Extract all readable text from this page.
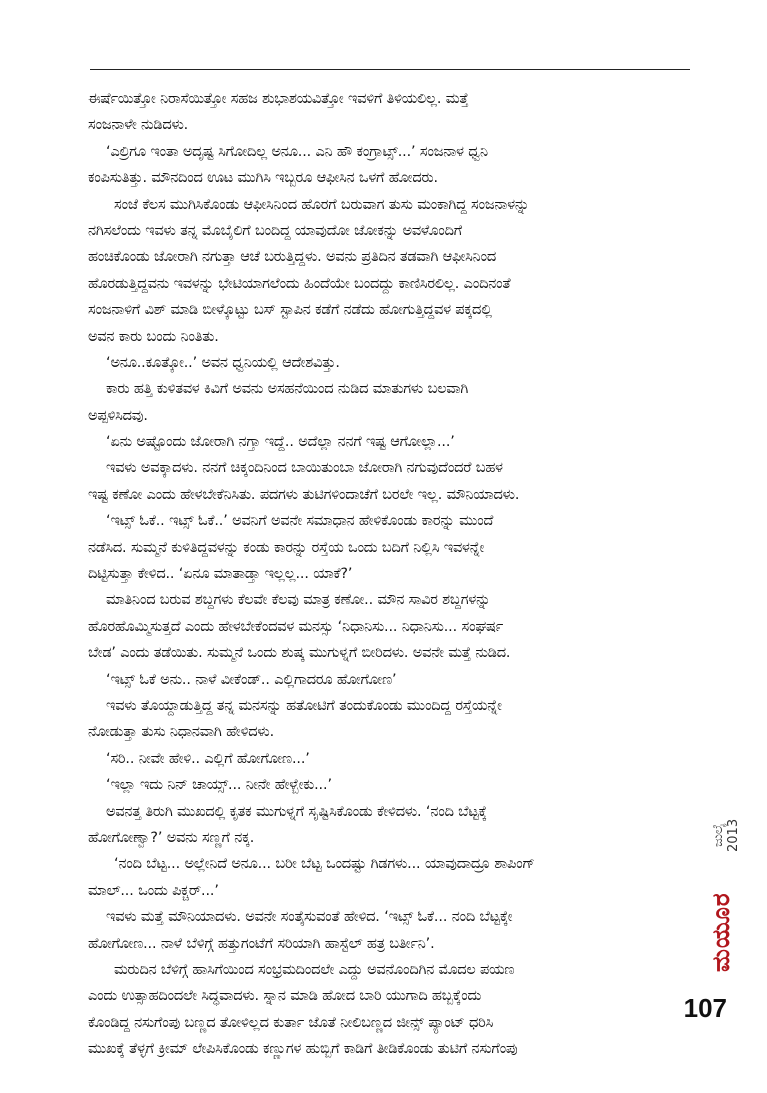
ಈರ್ಷೆಯಿತ್ತೋ ನಿರಾಸೆಯಿತ್ತೋ ಸಹಜ ಶುಭಾಶಯವಿತ್ತೋ ಇವಳಿಗೆ ತಿಳಿಯಲಿಲ್ಲ. ಮತ್ತೆ
ಸಂಜನಾಳೇ ನುಡಿದಳು.
‘ಎಲ್ರಿಗೂ ಇಂತಾ ಅದೃಷ್ಟ ಸಿಗೋದಿಲ್ಲ ಅನೂ... ಎನಿ ಹೌ ಕಂಗ್ರಾಟ್ಸ್...’ ಸಂಜನಾಳ ಧ್ವನಿ
ಕಂಪಿಸುತಿತ್ತು. ಮೌನದಿಂದ ಊಟ ಮುಗಿಸಿ ಇಬ್ಬರೂ ಆಫೀಸಿನ ಒಳಗೆ ಹೋದರು.
ಸಂಜೆ ಕೆಲಸ ಮುಗಿಸಿಕೊಂಡು ಆಫೀಸಿನಿಂದ ಹೊರಗೆ ಬರುವಾಗ ತುಸು ಮಂಕಾಗಿದ್ದ ಸಂಜನಾಳನ್ನು
ನಗಿಸಲೆಂದು ಇವಳು ತನ್ನ ಮೊಬೈಲಿಗೆ ಬಂದಿದ್ದ ಯಾವುದೋ ಜೋಕನ್ನು ಅವಳೊಂದಿಗೆ
ಹಂಚಿಕೊಂಡು ಜೋರಾಗಿ ನಗುತ್ತಾ ಆಚೆ ಬರುತ್ತಿದ್ದಳು. ಅವನು ಪ್ರತಿದಿನ ತಡವಾಗಿ ಆಫೀಸಿನಿಂದ
ಹೊರಡುತ್ತಿದ್ದವನು ಇವಳನ್ನು ಭೇಟಿಯಾಗಲೆಂದು ಹಿಂದೆಯೇ ಬಂದದ್ದು ಕಾಣಿಸಿರಲಿಲ್ಲ. ಎಂದಿನಂತೆ
ಸಂಜನಾಳಿಗೆ ವಿಶ್ ಮಾಡಿ ಬೀಳ್ಕೊಟ್ಟು ಬಸ್ ಸ್ಟಾಪಿನ ಕಡೆಗೆ ನಡೆದು ಹೋಗುತ್ತಿದ್ದವಳ ಪಕ್ಕದಲ್ಲಿ
ಅವನ ಕಾರು ಬಂದು ನಿಂತಿತು.
‘ಅನೂ..ಕೂತ್ಕೋ..’ ಅವನ ಧ್ವನಿಯಲ್ಲಿ ಆದೇಶವಿತ್ತು.
ಕಾರು ಹತ್ತಿ ಕುಳಿತವಳ ಕಿವಿಗೆ ಅವನು ಅಸಹನೆಯಿಂದ ನುಡಿದ ಮಾತುಗಳು ಬಲವಾಗಿ
ಅಪ್ಪಳಿಸಿದವು.
‘ಏನು ಅಷ್ಟೊಂದು ಜೋರಾಗಿ ನಗ್ತಾ ಇದ್ದೆ.. ಅದೆಲ್ಲಾ ನನಗೆ ಇಷ್ಟ ಆಗೋಲ್ಲಾ...’
ಇವಳು ಅವಕ್ಕಾದಳು. ನನಗೆ ಚಿಕ್ಕಂದಿನಿಂದ ಬಾಯಿತುಂಬಾ ಜೋರಾಗಿ ನಗುವುದೆಂದರೆ ಬಹಳ
ಇಷ್ಟ ಕಣೋ ಎಂದು ಹೇಳಬೇಕೆನಿಸಿತು. ಪದಗಳು ತುಟಿಗಳಿಂದಾಚೆಗೆ ಬರಲೇ ಇಲ್ಲ. ಮೌನಿಯಾದಳು.
‘ಇಟ್ಸ್ ಓಕೆ.. ಇಟ್ಸ್ ಓಕೆ..’ ಅವನಿಗೆ ಅವನೇ ಸಮಾಧಾನ ಹೇಳಿಕೊಂಡು ಕಾರನ್ನು ಮುಂದೆ
ನಡೆಸಿದ. ಸುಮ್ಮನೆ ಕುಳಿತಿದ್ದವಳನ್ನು ಕಂಡು ಕಾರನ್ನು ರಸ್ತೆಯ ಒಂದು ಬದಿಗೆ ನಿಲ್ಲಿಸಿ ಇವಳನ್ನೇ
ದಿಟ್ಟಿಸುತ್ತಾ ಕೇಳಿದ.. ‘ಏನೂ ಮಾತಾಡ್ತಾ ಇಲ್ಲಲ್ಲ... ಯಾಕೆ?’
ಮಾತಿನಿಂದ ಬರುವ ಶಬ್ದಗಳು ಕೆಲವೇ ಕೆಲವು ಮಾತ್ರ ಕಣೋ.. ಮೌನ ಸಾವಿರ ಶಬ್ದಗಳನ್ನು
ಹೊರಹೊಮ್ಮಿಸುತ್ತದೆ ಎಂದು ಹೇಳಬೇಕೆಂದವಳ ಮನಸ್ಸು ‘ನಿಧಾನಿಸು... ನಿಧಾನಿಸು... ಸಂಘರ್ಷ
ಬೇಡ’ ಎಂದು ತಡೆಯಿತು. ಸುಮ್ಮನೆ ಒಂದು ಶುಷ್ಕ ಮುಗುಳ್ನಗೆ ಬೀರಿದಳು. ಅವನೇ ಮತ್ತೆ ನುಡಿದ.
‘ಇಟ್ಸ್ ಓಕೆ ಅನು.. ನಾಳೆ ವೀಕೆಂಡ್.. ಎಲ್ಲಿಗಾದರೂ ಹೋಗೋಣ’
ಇವಳು ತೊಯ್ದಾಡುತ್ತಿದ್ದ ತನ್ನ ಮನಸನ್ನು ಹತೋಟಿಗೆ ತಂದುಕೊಂಡು ಮುಂದಿದ್ದ ರಸ್ತೆಯನ್ನೇ
ನೋಡುತ್ತಾ ತುಸು ನಿಧಾನವಾಗಿ ಹೇಳಿದಳು.
‘ಸರಿ.. ನೀವೇ ಹೇಳಿ.. ಎಲ್ಲಿಗೆ ಹೋಗೋಣ...’
‘ಇಲ್ಲಾ ಇದು ನಿನ್ ಚಾಯ್ಸ್... ನೀನೇ ಹೇಳ್ಬೇಕು...’
ಅವನತ್ತ ತಿರುಗಿ ಮುಖದಲ್ಲಿ ಕೃತಕ ಮುಗುಳ್ನಗೆ ಸೃಷ್ಟಿಸಿಕೊಂಡು ಕೇಳಿದಳು. ‘ನಂದಿ ಬೆಟ್ಟಕ್ಕೆ
ಹೋಗೋಣ್ವಾ?’ ಅವನು ಸಣ್ಣಗೆ ನಕ್ಕ.
‘ನಂದಿ ಬೆಟ್ಟ... ಅಲ್ಲೇನಿದೆ ಅನೂ... ಬರೀ ಬೆಟ್ಟ ಒಂದಷ್ಟು ಗಿಡಗಳು... ಯಾವುದಾದ್ರೂ ಶಾಪಿಂಗ್
ಮಾಲ್... ಒಂದು ಪಿಕ್ಚರ್...’
ಇವಳು ಮತ್ತೆ ಮೌನಿಯಾದಳು. ಅವನೇ ಸಂತೈಸುವಂತೆ ಹೇಳಿದ. ‘ಇಟ್ಸ್ ಓಕೆ... ನಂದಿ ಬೆಟ್ಟಕ್ಕೇ
ಹೋಗೋಣ... ನಾಳೆ ಬೆಳಿಗ್ಗೆ ಹತ್ತುಗಂಟೆಗೆ ಸರಿಯಾಗಿ ಹಾಸ್ಟೆಲ್ ಹತ್ರ ಬರ್ತೀನಿ’.
ಮರುದಿನ ಬೆಳಿಗ್ಗೆ ಹಾಸಿಗೆಯಿಂದ ಸಂಭ್ರಮದಿಂದಲೇ ಎದ್ದು ಅವನೊಂದಿಗಿನ ಮೊದಲ ಪಯಣ
ಎಂದು ಉತ್ಸಾಹದಿಂದಲೇ ಸಿದ್ಧವಾದಳು. ಸ್ನಾನ ಮಾಡಿ ಹೋದ ಬಾರಿ ಯುಗಾದಿ ಹಬ್ಬಕ್ಕೆಂದು
ಕೊಂಡಿದ್ದ ನಸುಗೆಂಪು ಬಣ್ಣದ ತೋಳಿಲ್ಲದ ಕುರ್ತಾ ಜೊತೆ ನೀಲಿಬಣ್ಣದ ಜೀನ್ಸ್ ಪ್ಯಾಂಟ್ ಧರಿಸಿ
ಮುಖಕ್ಕೆ ತೆಳ್ಳಗೆ ಕ್ರೀಮ್ ಲೇಪಿಸಿಕೊಂಡು ಕಣ್ಣುಗಳ ಹುಬ್ಬಿಗೆ ಕಾಡಿಗೆ ತೀಡಿಕೊಂಡು ತುಟಿಗೆ ನಸುಗೆಂಪು
ಜುಲೈ 2013
ಮಯೂರ
107
